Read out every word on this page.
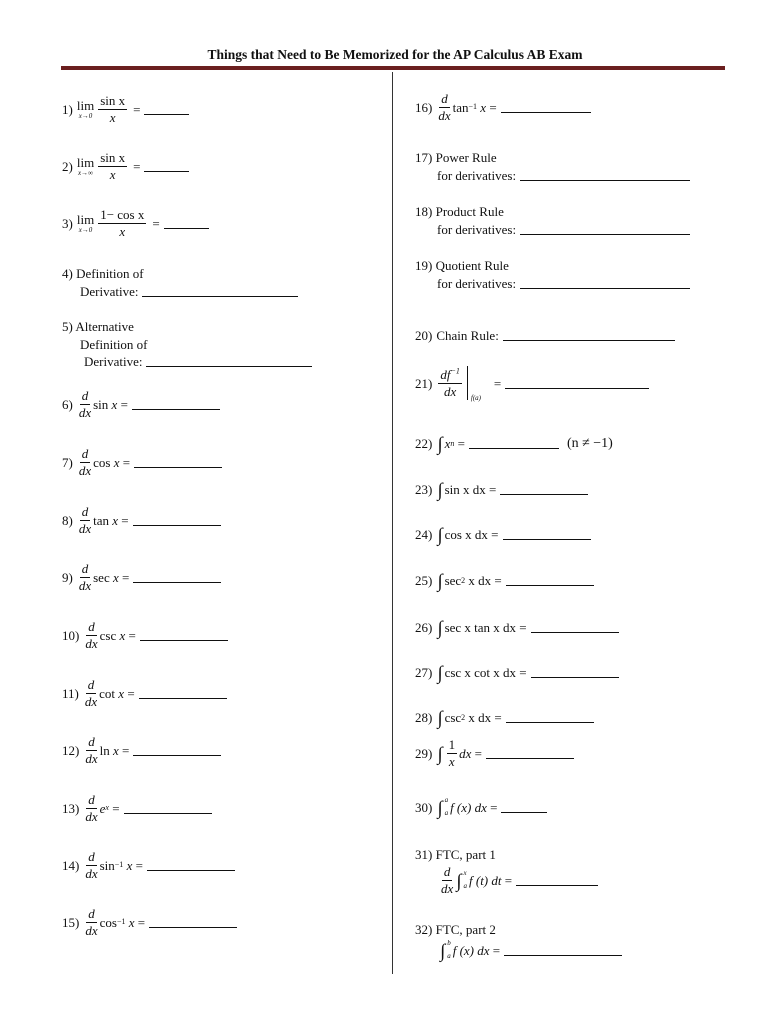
Things that Need to Be Memorized for the AP Calculus AB Exam
1) lim
$x\to 0 \frac{\text{sin x}}{x}$ =
2) lim
$x\to\infty \frac{\text{sin x}}{x}$ =
3) lim
$x\to 0 \frac{\text{1− cos x}}{x}$ =
4) Definition of
Derivative:
5) Alternative
Definition of
Derivative:
$6) \frac{d}{dx}$ sin
x
=
$7) \frac{d}{dx}$ cos
x
=
$8) \frac{d}{dx}$ tan
x
=
$9) \frac{d}{dx}$ sec
x
=
$10) \frac{d}{dx}$ csc
x
=
$11) \frac{d}{dx}$ cot
x
=
$12) \frac{d}{dx}$ ln
x
=
$13) \frac{d}{dx}$ e x
=
$14) \frac{d}{dx}$ sin −1
x
=
$15) \frac{d}{dx}$ cos −1
x
=
$16) \frac{d}{dx}$ tan −1
x
=
17) Power Rule
for derivatives:
18) Product Rule
for derivatives:
19) Quotient Rule
for derivatives:
20) Chain Rule:
$21) \frac{df^{-1}}{dx} f(a)$
=
22) ∫ x n
=	(n ≠ −1)
23) ∫ sin x dx
=
24) ∫ cos x dx
=
25) ∫ sec 2
x dx
=
26) ∫ sec x tan x dx
=
27) ∫ csc x cot x dx
=
28) ∫ csc 2
x dx
=
29) ∫ $\frac{1}{x}$ dx
=
30) ∫ a
a f (x) dx
=
31) FTC, part 1
$\frac{d}{dx}$ ∫ x
a f (t) dt
=
32) FTC, part 2
∫ b
a f (x) dx
=
